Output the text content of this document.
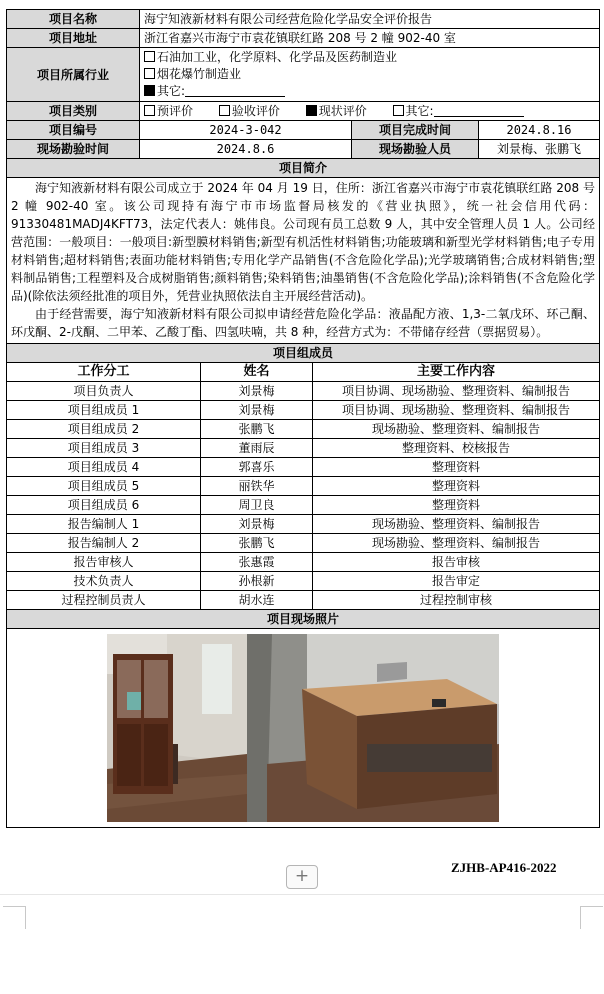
项目名称	海宁知液新材料有限公司经营危险化学品安全评价报告		
项目地址	浙江省嘉兴市海宁市袁花镇联红路 208 号 2 幢 902-40 室		
项目所属行业	石油加工业，化学原料、化学品及医药制造业
烟花爆竹制造业
其它:		

项目类别	预评价 验收评价 现状评价 其它:		
项目编号	2024-3-042	项目完成时间	2024.8.16
现场勘验时间	2024.8.6	现场勘验人员	刘景梅、张鹏飞
项目简介			

海宁知液新材料有限公司成立于 2024 年 04 月 19 日，住所：浙江省嘉兴市海宁市袁花镇联红路 208 号 2 幢 902-40 室。该公司现持有海宁市市场监督局核发的《营业执照》，统一社会信用代码：91330481MADJ4KFT73，法定代表人：姚伟良。公司现有员工总数 9 人，其中安全管理人员 1 人。公司经营范围：一般项目：一般项目:新型膜材料销售;新型有机活性材料销售;功能玻璃和新型光学材料销售;电子专用材料销售;超材料销售;表面功能材料销售;专用化学产品销售(不含危险化学品);光学玻璃销售;合成材料销售;塑料制品销售;工程塑料及合成树脂销售;颜料销售;染料销售;油墨销售(不含危险化学品);涂料销售(不含危险化学品)(除依法须经批准的项目外，凭营业执照依法自主开展经营活动)。

由于经营需要，海宁知液新材料有限公司拟申请经营危险化学品：液晶配方液、1,3-二氧戊环、环己酮、环戊酮、2-戊酮、二甲苯、乙酸丁酯、四氢呋喃，共 8 种，经营方式为：不带储存经营（票据贸易）。			

项目组成员		
工作分工	姓名	主要工作内容
项目负责人	刘景梅	项目协调、现场勘验、整理资料、编制报告
项目组成员 1	刘景梅	项目协调、现场勘验、整理资料、编制报告
项目组成员 2	张鹏飞	现场勘验、整理资料、编制报告
项目组成员 3	董雨辰	整理资料、校核报告
项目组成员 4	郭喜乐	整理资料
项目组成员 5	丽铁华	整理资料
项目组成员 6	周卫良	整理资料
报告编制人 1	刘景梅	现场勘验、整理资料、编制报告
报告编制人 2	张鹏飞	现场勘验、整理资料、编制报告
报告审核人	张惠霞	报告审核
技术负责人	孙根新	报告审定
过程控制员责人	胡水连	过程控制审核
项目现场照片		

ZJHB-AP416-2022
+
